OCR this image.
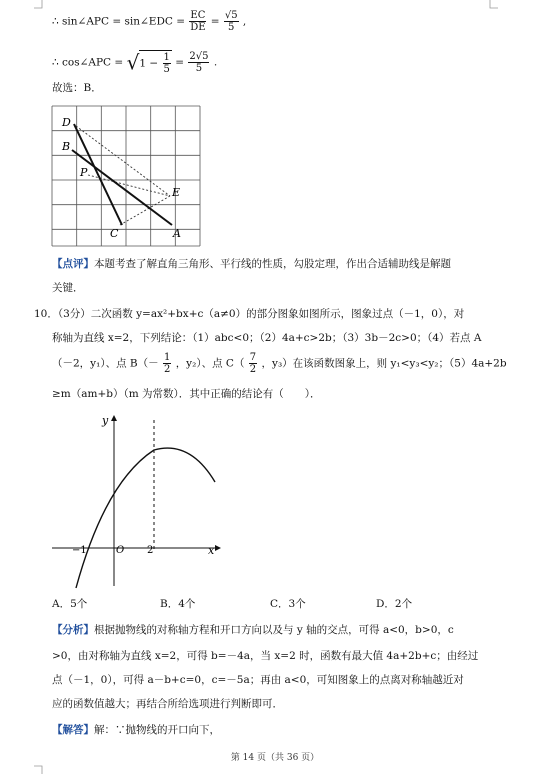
∴ sin∠APC = sin∠EDC = $\frac{EC}{DE} = \frac{√5}{5}$ ,
∴ cos∠APC = $√1 - \frac{1}{5} = \frac{2√5}{5}$ .
故选：B．
D
B
P
E
C	A
【点评】本题考查了解直角三角形、平行线的性质，勾股定理，作出合适辅助线是解题
关键．
10．（3分）二次函数 y=ax²+bx+c（a≠0）的部分图象如图所示，图象过点（－1，0），对
称轴为直线 x=2，下列结论：（1）abc<0；（2）4a+c>2b；（3）3b－2c>0；（4）若点 A
（－2，y₁）、点 $B(- \frac{1}{2}$ ，y₂）、点 $C( \frac{7}{2}$ ，y₃）在该函数图象上，则 y₁<y₃<y₂；（5）4a+2b
≥m（am+b）（m 为常数）．其中正确的结论有（　　）．
y
x
O
−1	2
A．5个	B．4个	C．3个	D．2个
【分析】根据抛物线的对称轴方程和开口方向以及与 y 轴的交点，可得 a<0，b>0，c
>0，由对称轴为直线 x=2，可得 b=－4a，当 x=2 时，函数有最大值 4a+2b+c；由经过
点（－1，0），可得 a－b+c=0，c=－5a；再由 a<0，可知图象上的点离对称轴越近对
应的函数值越大；再结合所给选项进行判断即可．
【解答】解：∵抛物线的开口向下，
第 14 页（共 36 页）
